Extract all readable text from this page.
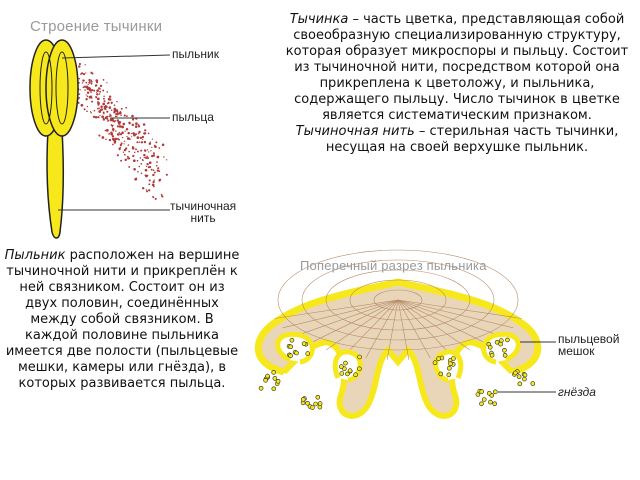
Строение тычинки
пыльник
пыльца
тычиночная
нить
Поперечный разрез пыльника
пыльцевой
мешок
гнёзда
Тычинка – часть цветка, представляющая собой своеобразную специализированную структуру, которая образует микроспоры и пыльцу. Состоит из тычиночной нити, посредством которой она прикреплена к цветоложу, и пыльника, содержащего пыльцу. Число тычинок в цветке является систематическим признаком. Тычиночная нить – стерильная часть тычинки, несущая на своей верхушке пыльник.
Пыльник расположен на вершине тычиночной нити и прикреплён к ней связником. Состоит он из двух половин, соединённых между собой связником. В каждой половине пыльника имеется две полости (пыльцевые мешки, камеры или гнёзда), в которых развивается пыльца.
